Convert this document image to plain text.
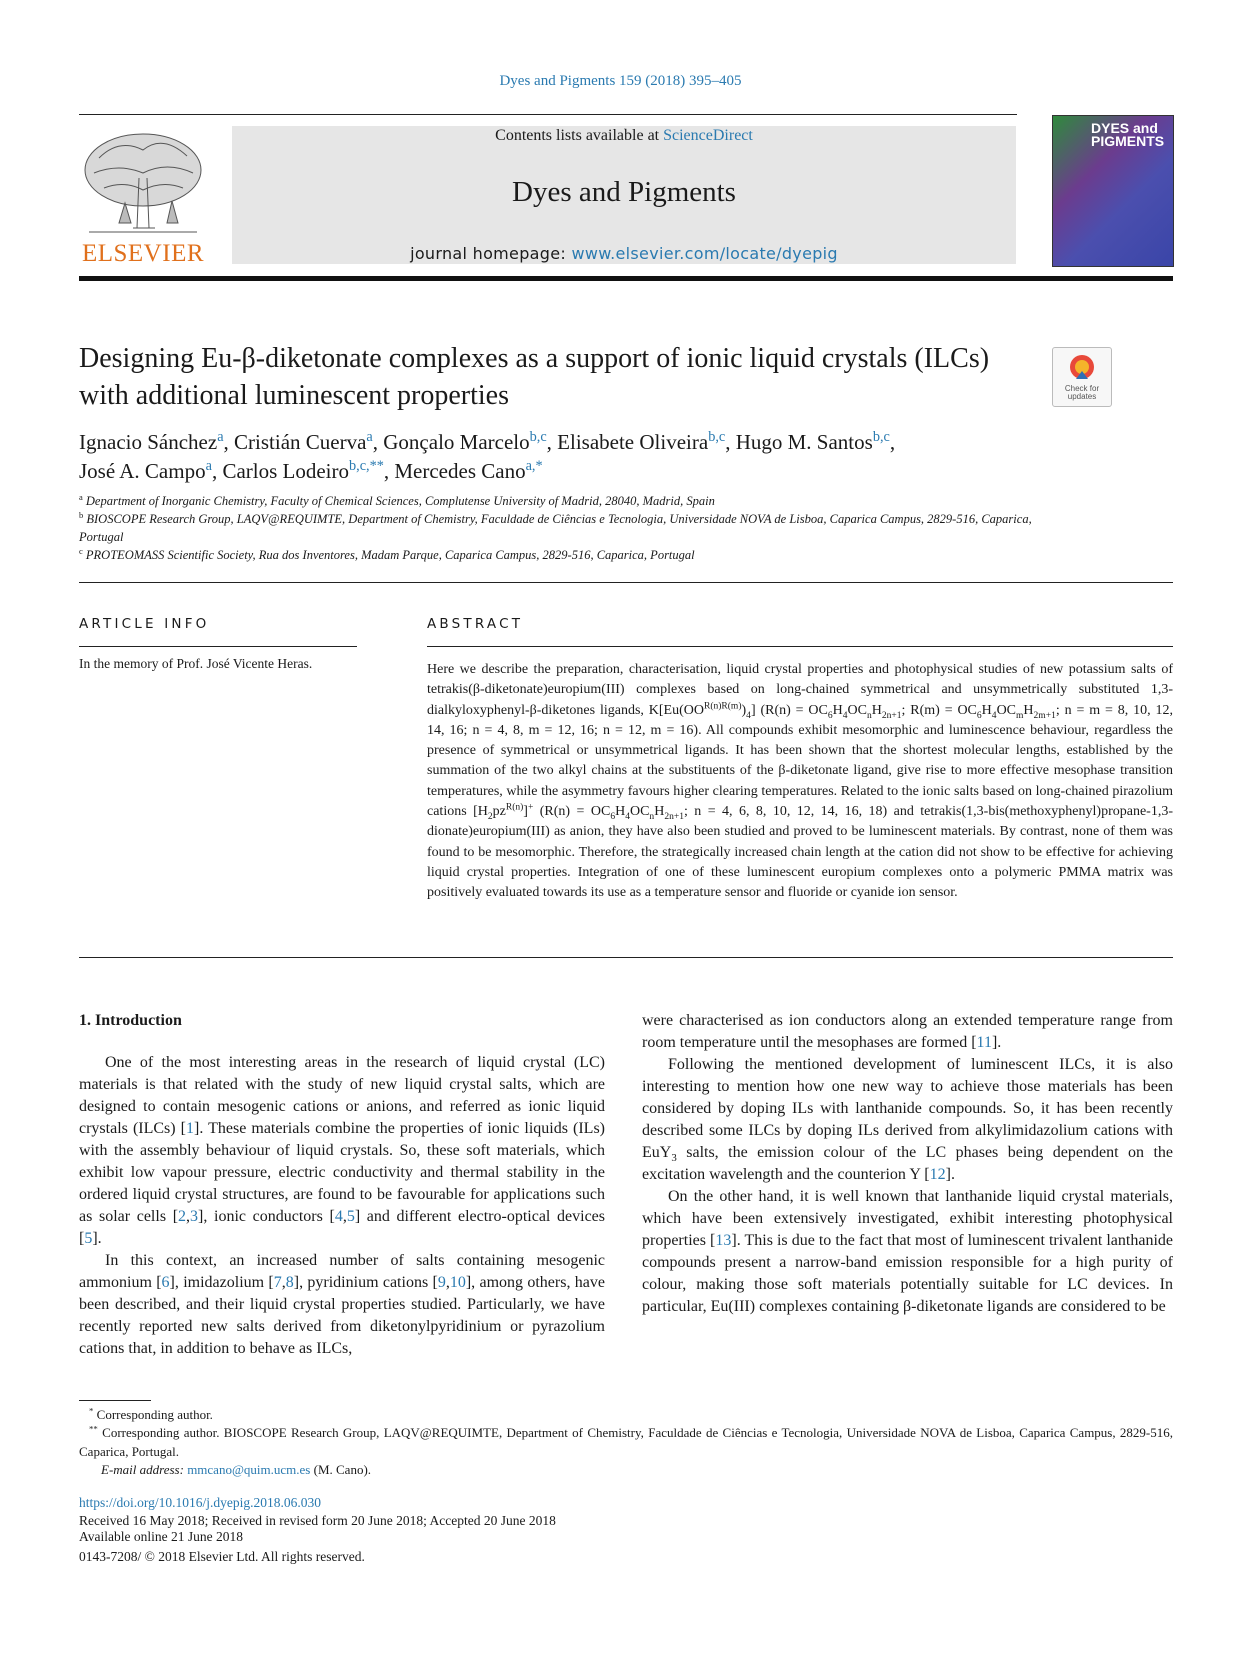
Dyes and Pigments 159 (2018) 395–405
ELSEVIER
Contents lists available at ScienceDirect
Dyes and Pigments
journal homepage: www.elsevier.com/locate/dyepig
DYES and PIGMENTS
Designing Eu-β-diketonate complexes as a support of ionic liquid crystals (ILCs) with additional luminescent properties	Check for updates
Ignacio Sánchez$^a$, Cristián Cuerva$^a$, Gonçalo Marcelo$^{b,c}$, Elisabete Oliveira$^{b,c}$, Hugo M. Santos$^{b,c}$,
José A. Campo$^a$, Carlos Lodeiro$^{b,c,**}$, Mercedes Cano$^{a,*}$
$^a$ Department of Inorganic Chemistry, Faculty of Chemical Sciences, Complutense University of Madrid, 28040, Madrid, Spain
$^b$ BIOSCOPE Research Group, LAQV@REQUIMTE, Department of Chemistry, Faculdade de Ciências e Tecnologia, Universidade NOVA de Lisboa, Caparica Campus, 2829-516, Caparica, Portugal
$^c$ PROTEOMASS Scientific Society, Rua dos Inventores, Madam Parque, Caparica Campus, 2829-516, Caparica, Portugal
ARTICLE INFO
In the memory of Prof. José Vicente Heras.
ABSTRACT
Here we describe the preparation, characterisation, liquid crystal properties and photophysical studies of new potassium salts of tetrakis(β-diketonate)europium(III) complexes based on long-chained symmetrical and unsymmetrically substituted 1,3-dialkyloxyphenyl-β-diketones ligands, $K[Eu(OO^{R(n)R(m)})_4] (R(n) = OC_6H_4OC_nH_{2n+1}$; $R(m) = OC_6H_4OC_mH_{2m+1}$; n = m = 8, 10, 12, 14, 16; n = 4, 8, m = 12, 16; n = 12, m = 16). All compounds exhibit mesomorphic and luminescence behaviour, regardless the presence of symmetrical or unsymmetrical ligands. It has been shown that the shortest molecular lengths, established by the summation of the two alkyl chains at the substituents of the β-diketonate ligand, give rise to more effective mesophase transition temperatures, while the asymmetry favours higher clearing temperatures. Related to the ionic salts based on long-chained pirazolium cations $[H_2pz^{R(n)}]^+$ ($R(n) = OC_6H_4OC_nH_{2n+1}$; n = 4, 6, 8, 10, 12, 14, 16, 18) and tetrakis(1,3-bis(methoxyphenyl)propane-1,3-dionate)europium(III) as anion, they have also been studied and proved to be luminescent materials. By contrast, none of them was found to be mesomorphic. Therefore, the strategically increased chain length at the cation did not show to be effective for achieving liquid crystal properties. Integration of one of these luminescent europium complexes onto a polymeric PMMA matrix was positively evaluated towards its use as a temperature sensor and fluoride or cyanide ion sensor.

1. Introduction

One of the most interesting areas in the research of liquid crystal (LC) materials is that related with the study of new liquid crystal salts, which are designed to contain mesogenic cations or anions, and referred as ionic liquid crystals (ILCs) [1]. These materials combine the properties of ionic liquids (ILs) with the assembly behaviour of liquid crystals. So, these soft materials, which exhibit low vapour pressure, electric conductivity and thermal stability in the ordered liquid crystal structures, are found to be favourable for applications such as solar cells [2,3], ionic conductors [4,5] and different electro-optical devices [5].

In this context, an increased number of salts containing mesogenic ammonium [6], imidazolium [7,8], pyridinium cations [9,10], among others, have been described, and their liquid crystal properties studied. Particularly, we have recently reported new salts derived from diketonylpyridinium or pyrazolium cations that, in addition to behave as ILCs,

were characterised as ion conductors along an extended temperature range from room temperature until the mesophases are formed [11].

Following the mentioned development of luminescent ILCs, it is also interesting to mention how one new way to achieve those materials has been considered by doping ILs with lanthanide compounds. So, it has been recently described some ILCs by doping ILs derived from alkylimidazolium cations with EuY$_3$ salts, the emission colour of the LC phases being dependent on the excitation wavelength and the counterion Y [12].

On the other hand, it is well known that lanthanide liquid crystal materials, which have been extensively investigated, exhibit interesting photophysical properties [13]. This is due to the fact that most of luminescent trivalent lanthanide compounds present a narrow-band emission responsible for a high purity of colour, making those soft materials potentially suitable for LC devices. In particular, Eu(III) complexes containing β-diketonate ligands are considered to be

* Corresponding author.
** Corresponding author. BIOSCOPE Research Group, LAQV@REQUIMTE, Department of Chemistry, Faculdade de Ciências e Tecnologia, Universidade NOVA de Lisboa, Caparica Campus, 2829-516, Caparica, Portugal.
E-mail address: mmcano@quim.ucm.es (M. Cano).
https://doi.org/10.1016/j.dyepig.2018.06.030
Received 16 May 2018; Received in revised form 20 June 2018; Accepted 20 June 2018
Available online 21 June 2018
0143-7208/ © 2018 Elsevier Ltd. All rights reserved.
